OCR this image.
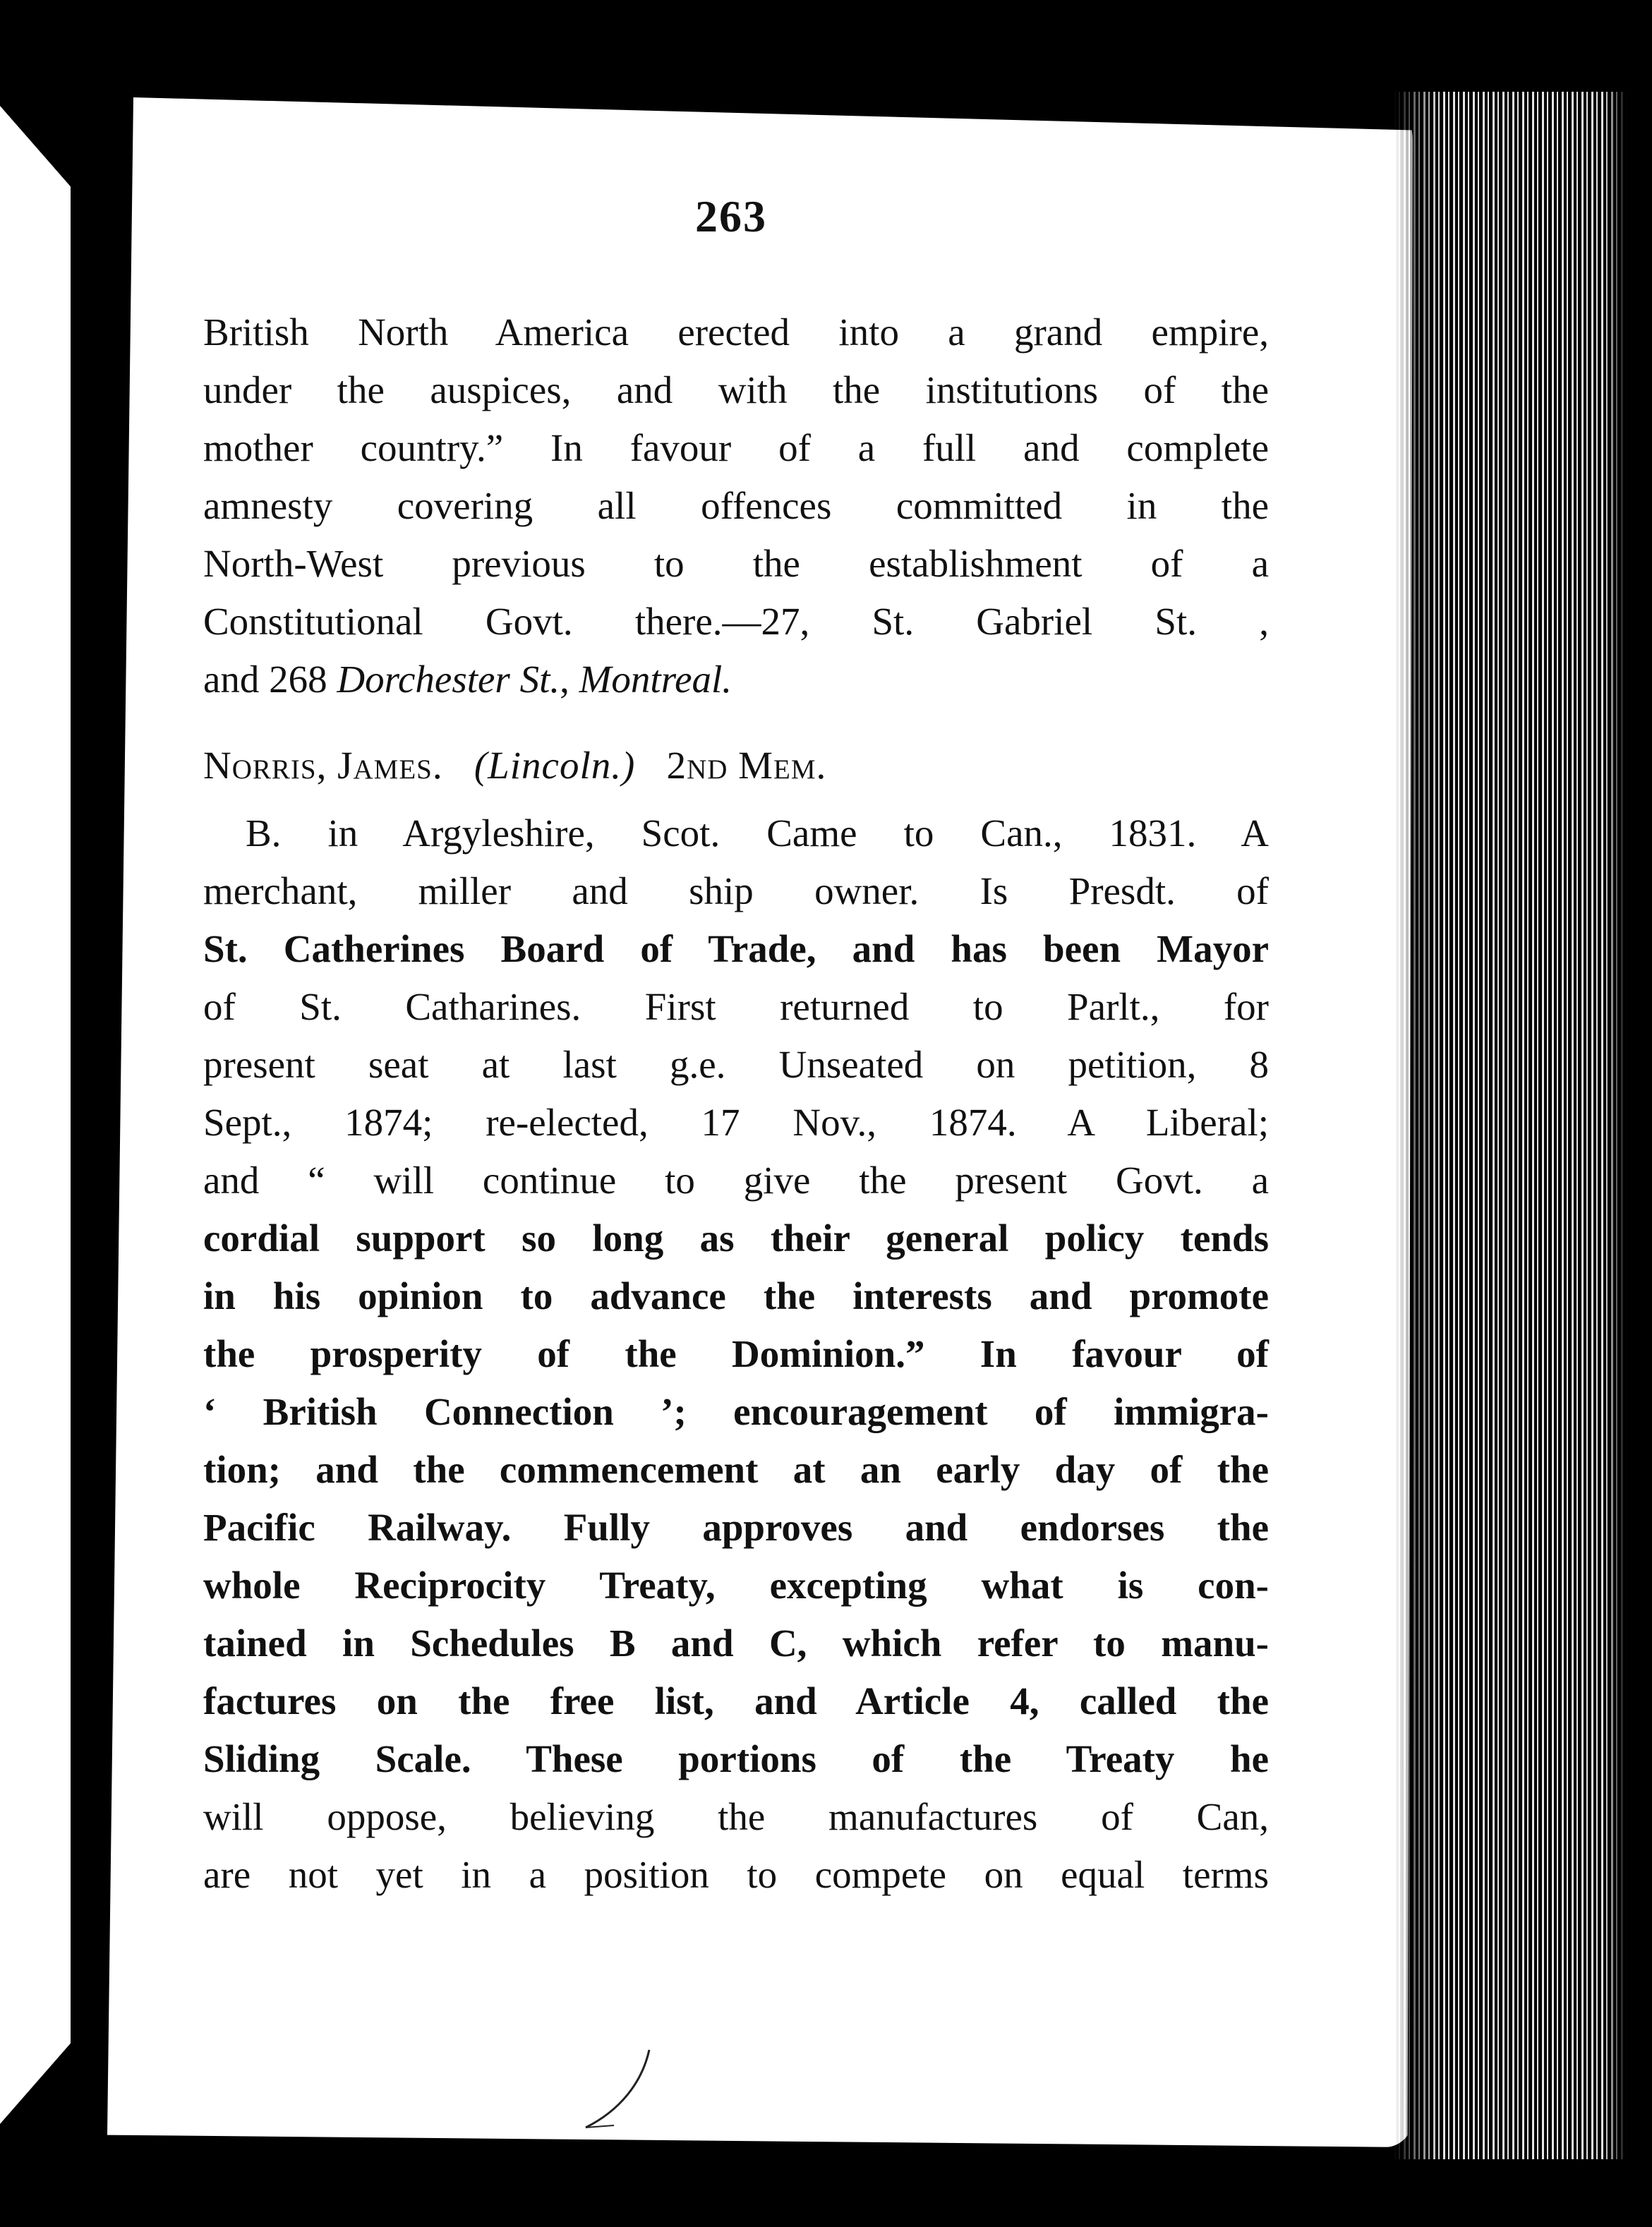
263
British North America erected into a grand empire,
under the auspices, and with the institutions of the
mother country.” In favour of a full and complete
amnesty covering all offences committed in the
North-West previous to the establishment of a
Constitutional Govt. there.—27, St. Gabriel St. ,
and 268 Dorchester St., Montreal.
Norris, James. (Lincoln.) 2nd Mem.
B. in Argyleshire, Scot. Came to Can., 1831. A
merchant, miller and ship owner. Is Presdt. of
St. Catherines Board of Trade, and has been Mayor
of St. Catharines. First returned to Parlt., for
present seat at last g.e. Unseated on petition, 8
Sept., 1874; re-elected, 17 Nov., 1874. A Liberal;
and “ will continue to give the present Govt. a
cordial support so long as their general policy tends
in his opinion to advance the interests and promote
the prosperity of the Dominion.” In favour of
‘ British Connection ’; encouragement of immigra-
tion; and the commencement at an early day of the
Pacific Railway. Fully approves and endorses the
whole Reciprocity Treaty, excepting what is con-
tained in Schedules B and C, which refer to manu-
factures on the free list, and Article 4, called the
Sliding Scale. These portions of the Treaty he
will oppose, believing the manufactures of Can,
are not yet in a position to compete on equal terms
